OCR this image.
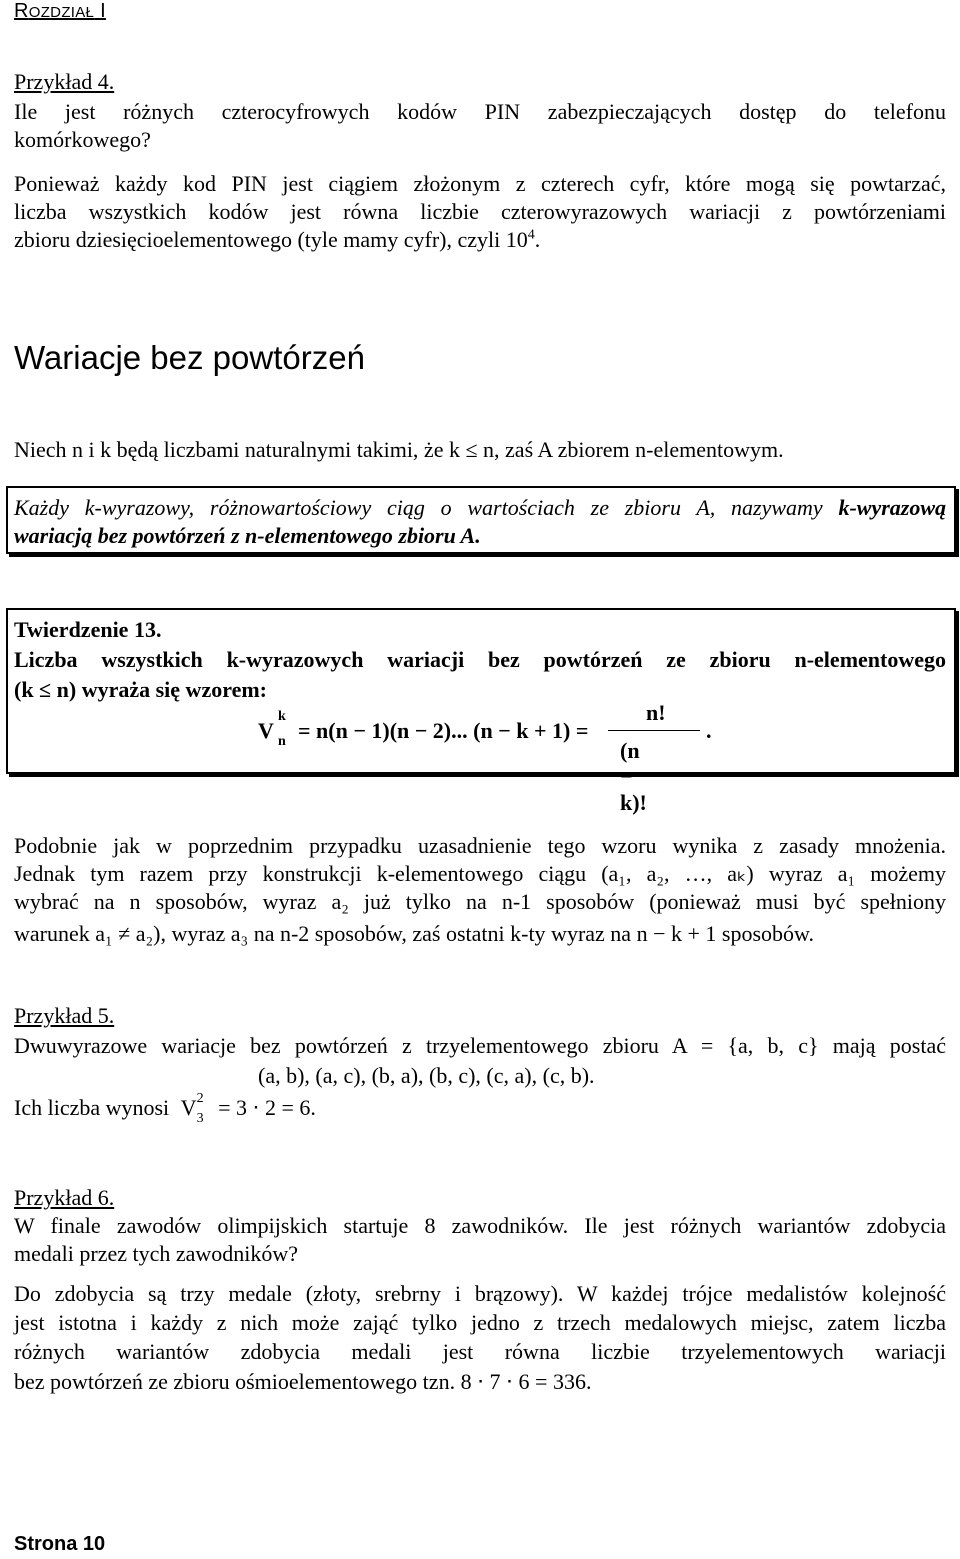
ROZDZIAŁ I
Przykład 4.
Ile jest różnych czterocyfrowych kodów PIN zabezpieczających dostęp do telefonu
komórkowego?
Ponieważ każdy kod PIN jest ciągiem złożonym z czterech cyfr, które mogą się powtarzać,
liczba wszystkich kodów jest równa liczbie czterowyrazowych wariacji z powtórzeniami
zbioru dziesięcioelementowego (tyle mamy cyfr), czyli $10^4$.
Wariacje bez powtórzeń
Niech n i k będą liczbami naturalnymi takimi, że k ≤ n, zaś A zbiorem n-elementowym.
Każdy k-wyrazowy, różnowartościowy ciąg o wartościach ze zbioru A, nazywamy k-wyrazową
wariacją bez powtórzeń z n-elementowego zbioru A.
Twierdzenie 13.
Liczba wszystkich k-wyrazowych wariacji bez powtórzeń ze zbioru n-elementowego
(k ≤ n) wyraża się wzorem:
V
k
n = n(n − 1)(n − 2)... (n − k + 1) =
n!
(n − k)!
.
Podobnie jak w poprzednim przypadku uzasadnienie tego wzoru wynika z zasady mnożenia.
Jednak tym razem przy konstrukcji k-elementowego ciągu (a₁, a₂, …, aₖ) wyraz a₁ możemy
wybrać na n sposobów, wyraz a₂ już tylko na n-1 sposobów (ponieważ musi być spełniony
warunek a₁ ≠ a₂), wyraz a₃ na n-2 sposobów, zaś ostatni k-ty wyraz na n − k + 1 sposobów.
Przykład 5.
Dwuwyrazowe wariacje bez powtórzeń z trzyelementowego zbioru A = {a, b, c} mają postać
(a, b), (a, c), (b, a), (b, c), (c, a), (c, b).
Ich liczba wynosi V 2
3 = 3 ⋅ 2 = 6.
Przykład 6.
W finale zawodów olimpijskich startuje 8 zawodników. Ile jest różnych wariantów zdobycia
medali przez tych zawodników?
Do zdobycia są trzy medale (złoty, srebrny i brązowy). W każdej trójce medalistów kolejność
jest istotna i każdy z nich może zająć tylko jedno z trzech medalowych miejsc, zatem liczba
różnych wariantów zdobycia medali jest równa liczbie trzyelementowych wariacji
bez powtórzeń ze zbioru ośmioelementowego tzn. 8 ⋅ 7 ⋅ 6 = 336.
Strona 10
